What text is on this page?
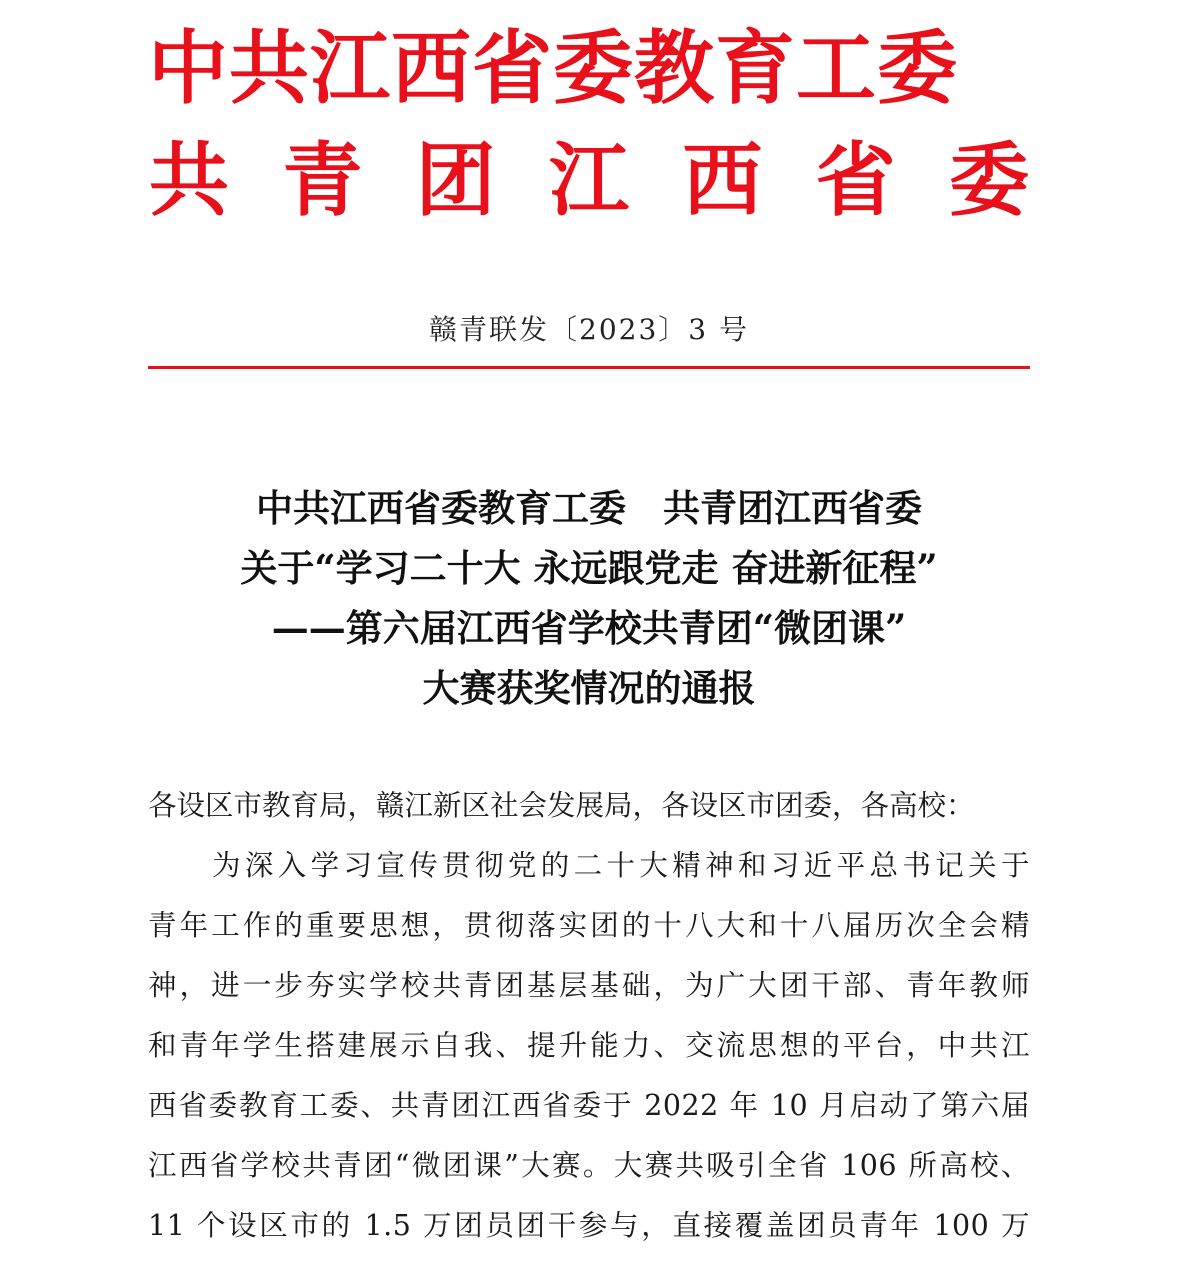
中共江西省委教育工委
共 青 团 江 西 省 委
赣青联发〔2023〕3 号
中共江西省委教育工委　共青团江西省委
关于“学习二十大 永远跟党走 奋进新征程”
——第六届江西省学校共青团“微团课”
大赛获奖情况的通报
各设区市教育局，赣江新区社会发展局，各设区市团委，各高校：
为深入学习宣传贯彻党的二十大精神和习近平总书记关于
青年工作的重要思想，贯彻落实团的十八大和十八届历次全会精
神，进一步夯实学校共青团基层基础，为广大团干部、青年教师
和青年学生搭建展示自我、提升能力、交流思想的平台，中共江
西省委教育工委、共青团江西省委于 2022 年 10 月启动了第六届
江西省学校共青团“微团课”大赛。大赛共吸引全省 106 所高校、
11 个设区市的 1.5 万团员团干参与，直接覆盖团员青年 100 万
